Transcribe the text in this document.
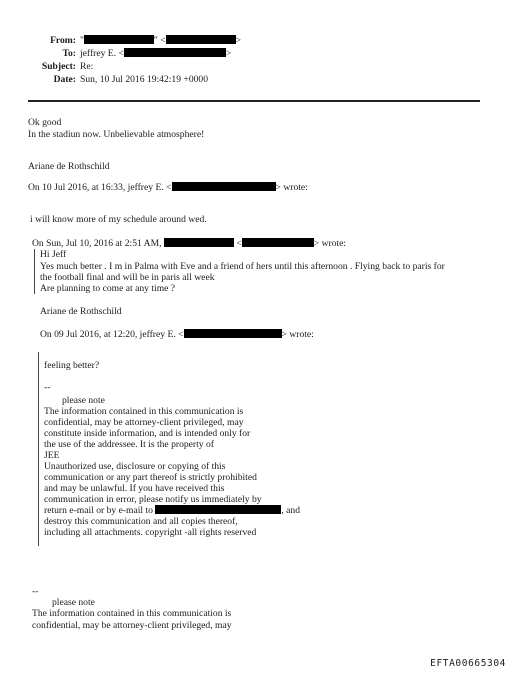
From: "	" <	>
To: jeffrey E. <	>
Subject: Re:
Date: Sun, 10 Jul 2016 19:42:19 +0000
Ok good
In the stadiun now. Unbelievable atmosphere!
Ariane de Rothschild
On 10 Jul 2016, at 16:33, jeffrey E. <	> wrote:
i will know more of my schedule around wed.
On Sun, Jul 10, 2016 at 2:51 AM,	<	> wrote:
Hi Jeff
Yes much better . I m in Palma with Eve and a friend of hers until this afternoon . Flying back to paris for
the football final and will be in paris all week
Are planning to come at any time ?
Ariane de Rothschild
On 09 Jul 2016, at 12:20, jeffrey E. <	> wrote:
feeling better?
--
please note
The information contained in this communication is
confidential, may be attorney-client privileged, may
constitute inside information, and is intended only for
the use of the addressee. It is the property of
JEE
Unauthorized use, disclosure or copying of this
communication or any part thereof is strictly prohibited
and may be unlawful. If you have received this
communication in error, please notify us immediately by
return e-mail or by e-mail to	, and
destroy this communication and all copies thereof,
including all attachments. copyright -all rights reserved
--
please note
The information contained in this communication is
confidential, may be attorney-client privileged, may
EFTA00665304
